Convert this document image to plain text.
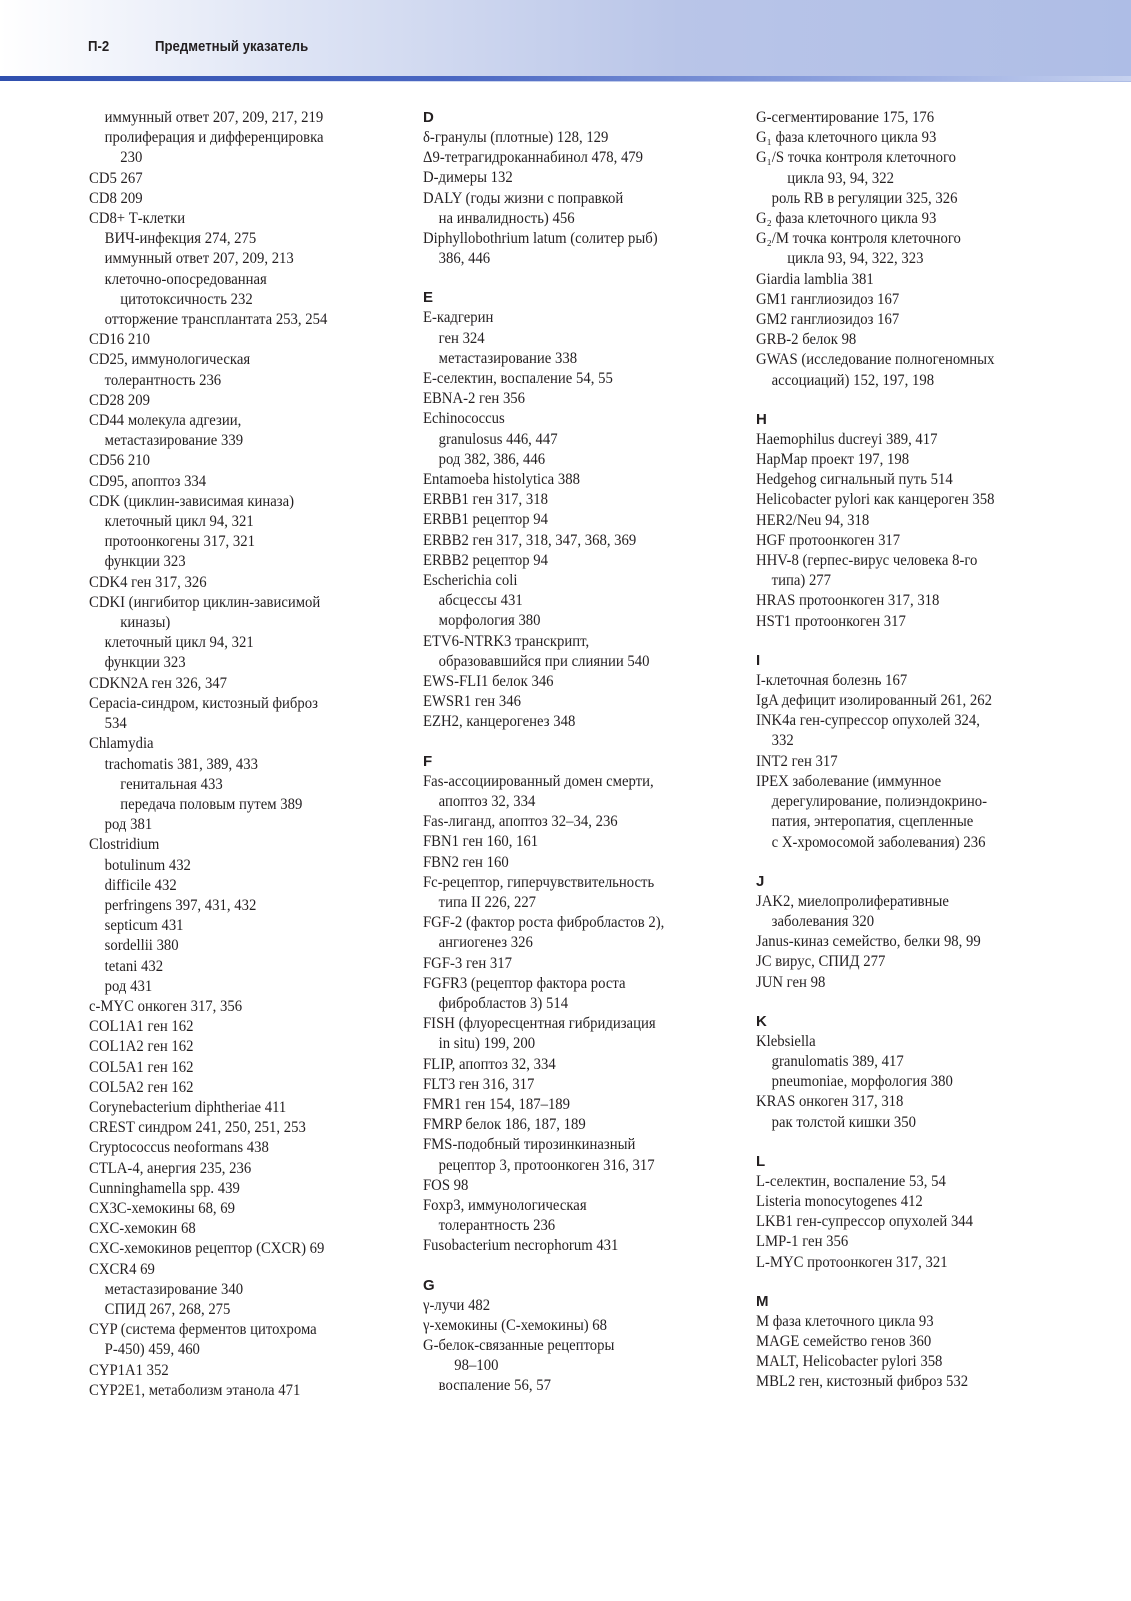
П-2	Предметный указатель
иммунный ответ 207, 209, 217, 219
пролиферация и дифференцировка
230
CD5 267
CD8 209
CD8+ Т-клетки
ВИЧ-инфекция 274, 275
иммунный ответ 207, 209, 213
клеточно-опосредованная
цитотоксичность 232
отторжение трансплантата 253, 254
CD16 210
CD25, иммунологическая
толерантность 236
CD28 209
CD44 молекула адгезии,
метастазирование 339
CD56 210
CD95, апоптоз 334
CDK (циклин-зависимая киназа)
клеточный цикл 94, 321
протоонкогены 317, 321
функции 323
CDK4 ген 317, 326
CDKI (ингибитор циклин-зависимой
киназы)
клеточный цикл 94, 321
функции 323
CDKN2A ген 326, 347
Cepacia-синдром, кистозный фиброз
534
Chlamydia
trachomatis 381, 389, 433
генитальная 433
передача половым путем 389
род 381
Clostridium
botulinum 432
difficile 432
perfringens 397, 431, 432
septicum 431
sordellii 380
tetani 432
род 431
c-MYC онкоген 317, 356
COL1A1 ген 162
COL1A2 ген 162
COL5A1 ген 162
COL5A2 ген 162
Corynebacterium diphtheriae 411
CREST синдром 241, 250, 251, 253
Cryptococcus neoformans 438
CTLA-4, анергия 235, 236
Cunninghamella spp. 439
CX3C-хемокины 68, 69
CXC-хемокин 68
CXC-хемокинов рецептор (CXCR) 69
CXCR4 69
метастазирование 340
СПИД 267, 268, 275
CYP (система ферментов цитохрома
P-450) 459, 460
CYP1A1 352
CYP2E1, метаболизм этанола 471
D
δ-гранулы (плотные) 128, 129
Δ9-тетрагидроканнабинол 478, 479
D-димеры 132
DALY (годы жизни с поправкой
на инвалидность) 456
Diphyllobothrium latum (солитер рыб)
386, 446
E
E-кадгерин
ген 324
метастазирование 338
E-селектин, воспаление 54, 55
EBNA-2 ген 356
Echinococcus
granulosus 446, 447
род 382, 386, 446
Entamoeba histolytica 388
ERBB1 ген 317, 318
ERBB1 рецептор 94
ERBB2 ген 317, 318, 347, 368, 369
ERBB2 рецептор 94
Escherichia coli
абсцессы 431
морфология 380
ETV6-NTRK3 транскрипт,
образовавшийся при слиянии 540
EWS-FLI1 белок 346
EWSR1 ген 346
EZH2, канцерогенез 348
F
Fas-ассоциированный домен смерти,
апоптоз 32, 334
Fas-лиганд, апоптоз 32–34, 236
FBN1 ген 160, 161
FBN2 ген 160
Fc-рецептор, гиперчувствительность
типа II 226, 227
FGF-2 (фактор роста фибробластов 2),
ангиогенез 326
FGF-3 ген 317
FGFR3 (рецептор фактора роста
фибробластов 3) 514
FISH (флуоресцентная гибридизация
in situ) 199, 200
FLIP, апоптоз 32, 334
FLT3 ген 316, 317
FMR1 ген 154, 187–189
FMRP белок 186, 187, 189
FMS-подобный тирозинкиназный
рецептор 3, протоонкоген 316, 317
FOS 98
Foxp3, иммунологическая
толерантность 236
Fusobacterium necrophorum 431
G
γ-лучи 482
γ-хемокины (C-хемокины) 68
G-белок-связанные рецепторы
98–100
воспаление 56, 57
G-сегментирование 175, 176
G₁ фаза клеточного цикла 93
G₁/S точка контроля клеточного
цикла 93, 94, 322
роль RB в регуляции 325, 326
G₂ фаза клеточного цикла 93
G₂/M точка контроля клеточного
цикла 93, 94, 322, 323
Giardia lamblia 381
GM1 ганглиозидоз 167
GM2 ганглиозидоз 167
GRB-2 белок 98
GWAS (исследование полногеномных
ассоциаций) 152, 197, 198
H
Haemophilus ducreyi 389, 417
HapMap проект 197, 198
Hedgehog сигнальный путь 514
Helicobacter pylori как канцероген 358
HER2/Neu 94, 318
HGF протоонкоген 317
HHV-8 (герпес-вирус человека 8-го
типа) 277
HRAS протоонкоген 317, 318
HST1 протоонкоген 317
I
I-клеточная болезнь 167
IgA дефицит изолированный 261, 262
INK4a ген-супрессор опухолей 324,
332
INT2 ген 317
IPEX заболевание (иммунное
дерегулирование, полиэндокрино-
патия, энтеропатия, сцепленные
с X-хромосомой заболевания) 236
J
JAK2, миелопролиферативные
заболевания 320
Janus-киназ семейство, белки 98, 99
JC вирус, СПИД 277
JUN ген 98
K
Klebsiella
granulomatis 389, 417
pneumoniae, морфология 380
KRAS онкоген 317, 318
рак толстой кишки 350
L
L-селектин, воспаление 53, 54
Listeria monocytogenes 412
LKB1 ген-супрессор опухолей 344
LMP-1 ген 356
L-MYC протоонкоген 317, 321
M
M фаза клеточного цикла 93
MAGE семейство генов 360
MALT, Helicobacter pylori 358
MBL2 ген, кистозный фиброз 532
